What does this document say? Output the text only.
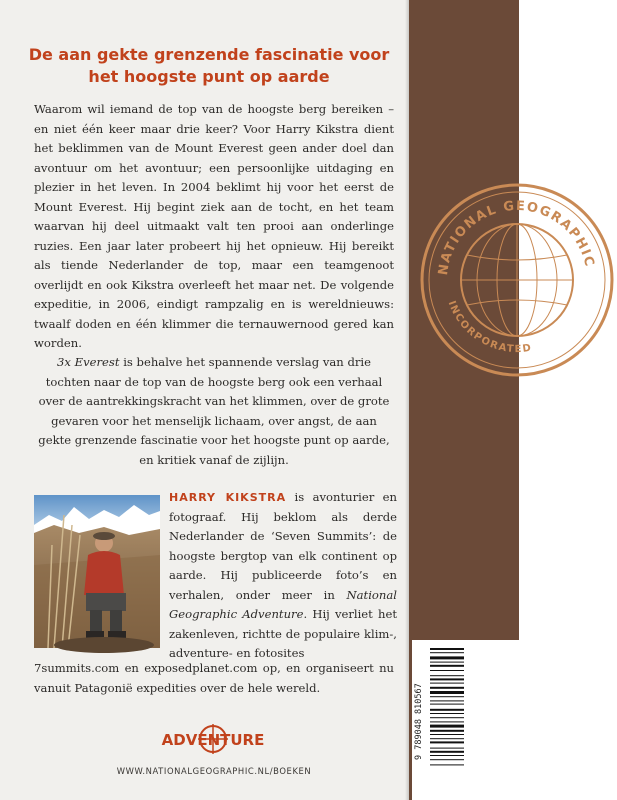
NATIONAL GEOGRAPHIC
INCORPORATED
De aan gekte grenzende fascinatie voor
het hoogste punt op aarde
Waarom wil iemand de top van de hoogste berg bereiken – en niet één keer maar drie keer? Voor Harry Kikstra dient het beklimmen van de Mount Everest geen ander doel dan avontuur om het avontuur; een persoonlijke uitdaging en plezier in het leven. In 2004 beklimt hij voor het eerst de Mount Everest. Hij begint ziek aan de tocht, en het team waarvan hij deel uitmaakt valt ten prooi aan onderlinge ruzies. Een jaar later probeert hij het opnieuw. Hij bereikt als tiende Nederlander de top, maar een teamgenoot overlijdt en ook Kikstra overleeft het maar net. De volgende expeditie, in 2006, eindigt rampzalig en is wereldnieuws: twaalf doden en één klimmer die ternauwernood gered kan worden.
3x Everest is behalve het spannende verslag van drie tochten naar de top van de hoogste berg ook een verhaal over de aantrekkingskracht van het klimmen, over de grote gevaren voor het menselijk lichaam, over angst, de aan gekte grenzende fascinatie voor het hoogste punt op aarde, en kritiek vanaf de zijlijn.
HARRY KIKSTRA is avonturier en fotograaf. Hij beklom als derde Nederlander de ‘Seven Summits’: de hoogste bergtop van elk continent op aarde. Hij publiceerde foto’s en verhalen, onder meer in National Geographic Adventure. Hij verliet het zakenleven, richtte de populaire klim-, adventure- en fotosites
7summits.com en exposedplanet.com op, en organiseert nu vanuit Patagonië expedities over de hele wereld.
ADVENTURE
WWW.NATIONALGEOGRAPHIC.NL/BOEKEN
9 789048 810567
